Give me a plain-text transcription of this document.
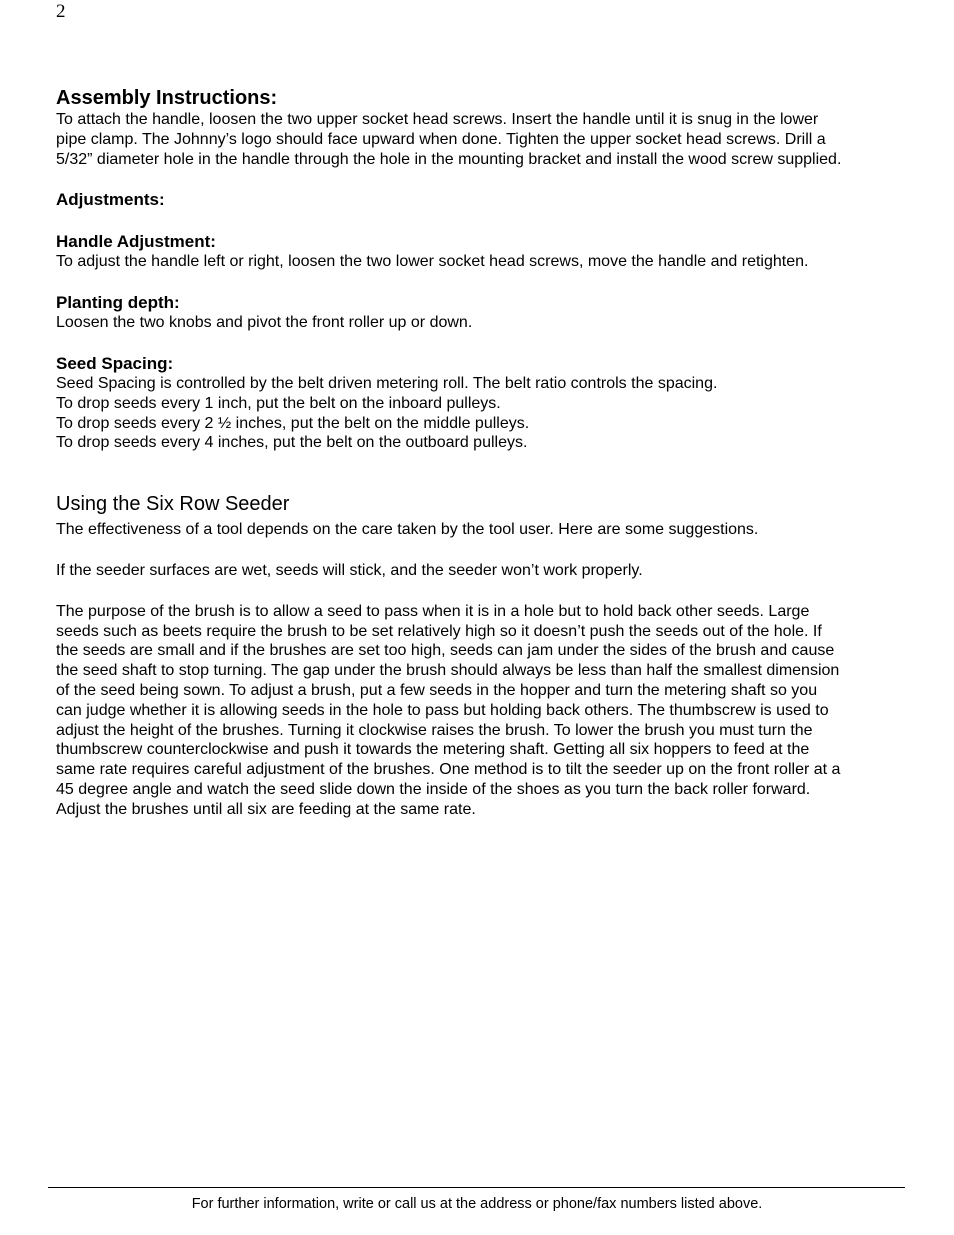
2
Assembly Instructions:

To attach the handle, loosen the two upper socket head screws. Insert the handle until it is snug in the lower
pipe clamp. The Johnny’s logo should face upward when done. Tighten the upper socket head screws. Drill a
5/32” diameter hole in the handle through the hole in the mounting bracket and install the wood screw supplied.

Adjustments:
Handle Adjustment:

To adjust the handle left or right, loosen the two lower socket head screws, move the handle and retighten.

Planting depth:

Loosen the two knobs and pivot the front roller up or down.

Seed Spacing:

Seed Spacing is controlled by the belt driven metering roll. The belt ratio controls the spacing.

To drop seeds every 1 inch, put the belt on the inboard pulleys.

To drop seeds every 2 ½ inches, put the belt on the middle pulleys.

To drop seeds every 4 inches, put the belt on the outboard pulleys.

Using the Six Row Seeder

The effectiveness of a tool depends on the care taken by the tool user. Here are some suggestions.

If the seeder surfaces are wet, seeds will stick, and the seeder won’t work properly.

The purpose of the brush is to allow a seed to pass when it is in a hole but to hold back other seeds. Large
seeds such as beets require the brush to be set relatively high so it doesn’t push the seeds out of the hole. If
the seeds are small and if the brushes are set too high, seeds can jam under the sides of the brush and cause
the seed shaft to stop turning. The gap under the brush should always be less than half the smallest dimension
of the seed being sown. To adjust a brush, put a few seeds in the hopper and turn the metering shaft so you
can judge whether it is allowing seeds in the hole to pass but holding back others. The thumbscrew is used to
adjust the height of the brushes. Turning it clockwise raises the brush. To lower the brush you must turn the
thumbscrew counterclockwise and push it towards the metering shaft. Getting all six hoppers to feed at the
same rate requires careful adjustment of the brushes. One method is to tilt the seeder up on the front roller at a
45 degree angle and watch the seed slide down the inside of the shoes as you turn the back roller forward.
Adjust the brushes until all six are feeding at the same rate.

For further information, write or call us at the address or phone/fax numbers listed above.
